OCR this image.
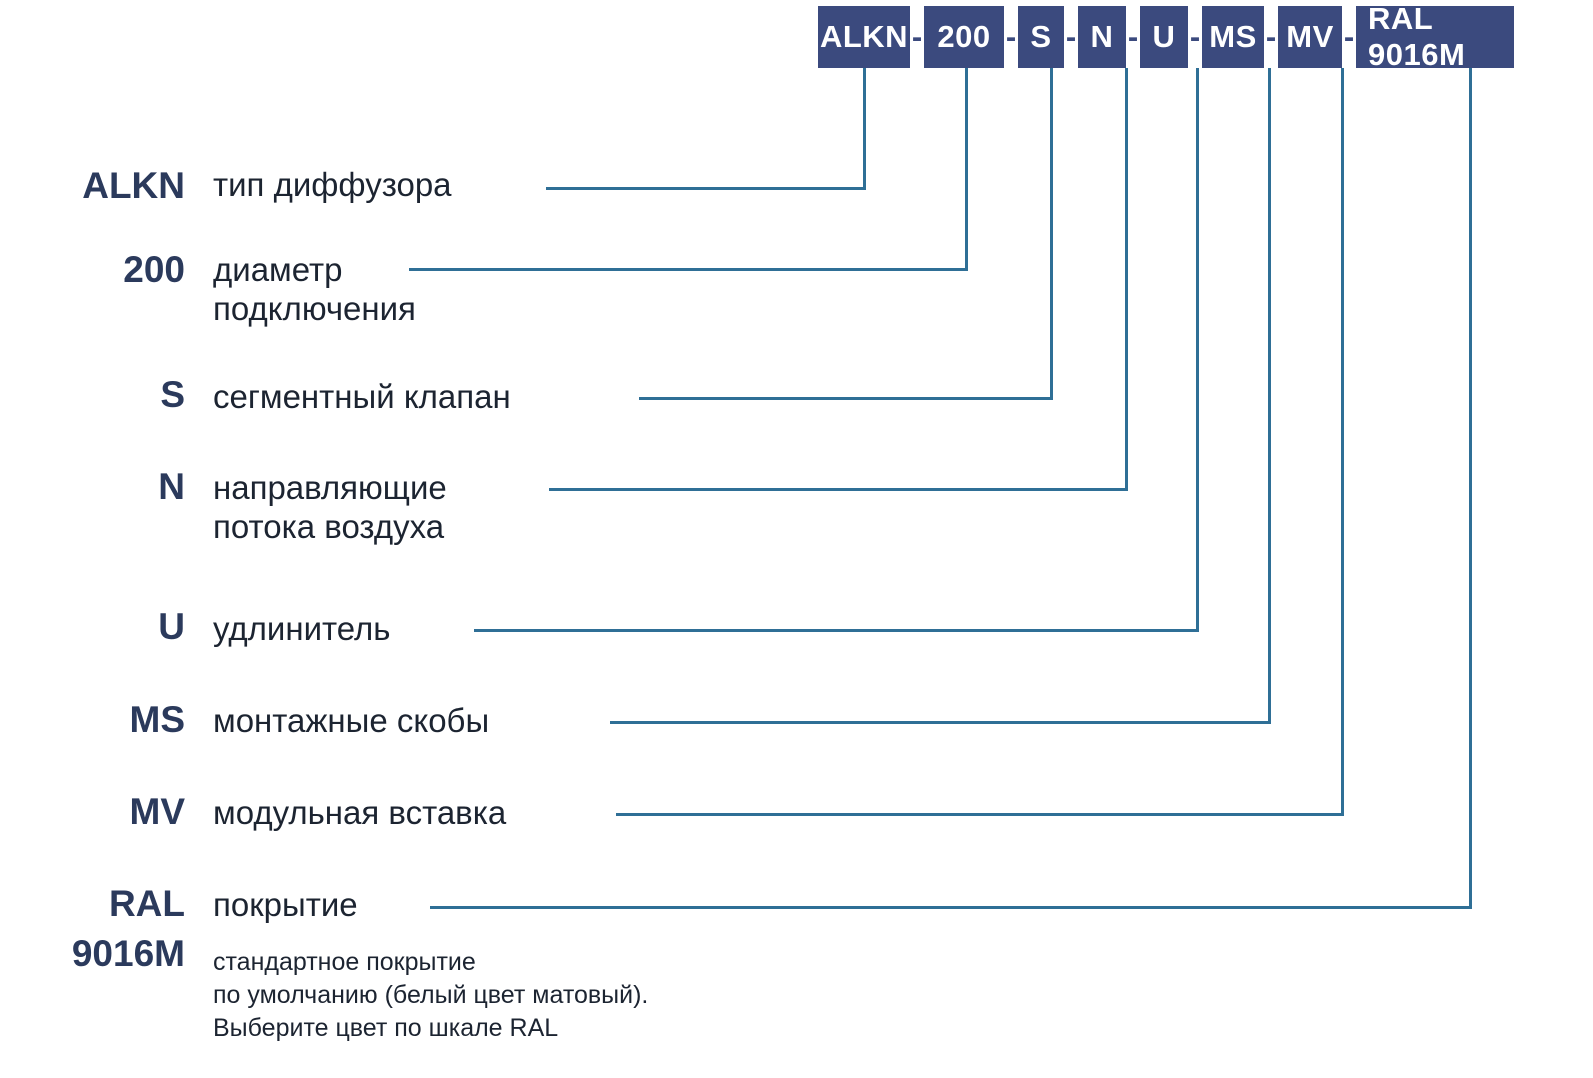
ALKN - 200 - S - N - U - MS - MV -
RAL 9016M
ALKN тип диффузора
200 диаметр
подключения
S сегментный клапан
N направляющие
потока воздуха
U удлинитель
MS монтажные скобы
MV модульная вставка
RAL
9016M
покрытие
стандартное покрытие
по умолчанию (белый цвет матовый).
Выберите цвет по шкале RAL
